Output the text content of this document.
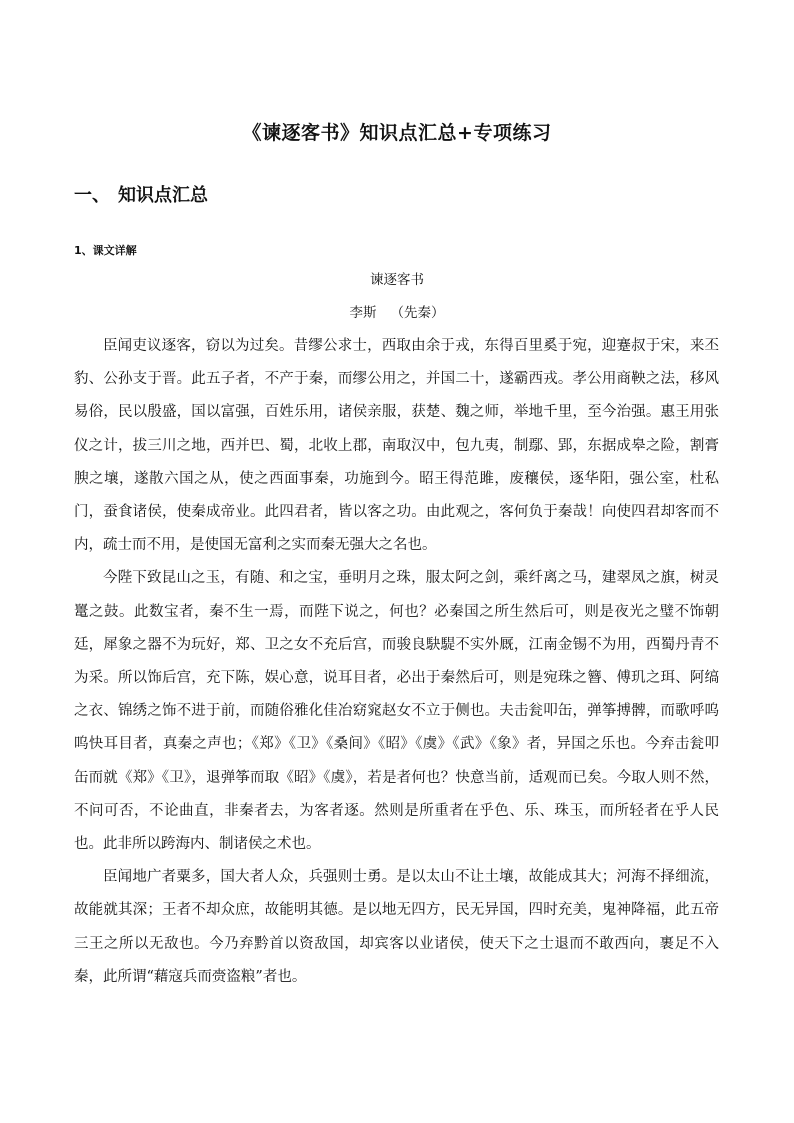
《谏逐客书》知识点汇总+专项练习
一、 知识点汇总
1、课文详解
谏逐客书
李斯 （先秦）

臣闻吏议逐客，窃以为过矣。昔缪公求士，西取由余于戎，东得百里奚于宛，迎蹇叔于宋，来丕豹、公孙支于晋。此五子者，不产于秦，而缪公用之，并国二十，遂霸西戎。孝公用商鞅之法，移风易俗，民以殷盛，国以富强，百姓乐用，诸侯亲服，获楚、魏之师，举地千里，至今治强。惠王用张仪之计，拔三川之地，西并巴、蜀，北收上郡，南取汉中，包九夷，制鄢、郢，东据成皋之险，割膏腴之壤，遂散六国之从，使之西面事秦，功施到今。昭王得范雎，废穰侯，逐华阳，强公室，杜私门，蚕食诸侯，使秦成帝业。此四君者，皆以客之功。由此观之，客何负于秦哉！向使四君却客而不内，疏士而不用，是使国无富利之实而秦无强大之名也。

今陛下致昆山之玉，有随、和之宝，垂明月之珠，服太阿之剑，乘纤离之马，建翠凤之旗，树灵鼍之鼓。此数宝者，秦不生一焉，而陛下说之，何也？必秦国之所生然后可，则是夜光之璧不饰朝廷，犀象之器不为玩好，郑、卫之女不充后宫，而骏良駃騠不实外厩，江南金锡不为用，西蜀丹青不为采。所以饰后宫，充下陈，娱心意，说耳目者，必出于秦然后可，则是宛珠之簪、傅玑之珥、阿缟之衣、锦绣之饰不进于前，而随俗雅化佳冶窈窕赵女不立于侧也。夫击瓮叩缶，弹筝搏髀，而歌呼呜呜快耳目者，真秦之声也；《郑》《卫》《桑间》《昭》《虞》《武》《象》者，异国之乐也。今弃击瓮叩缶而就《郑》《卫》，退弹筝而取《昭》《虞》，若是者何也？快意当前，适观而已矣。今取人则不然，不问可否，不论曲直，非秦者去，为客者逐。然则是所重者在乎色、乐、珠玉，而所轻者在乎人民也。此非所以跨海内、制诸侯之术也。

臣闻地广者粟多，国大者人众，兵强则士勇。是以太山不让土壤，故能成其大；河海不择细流，故能就其深；王者不却众庶，故能明其德。是以地无四方，民无异国，四时充美，鬼神降福，此五帝三王之所以无敌也。今乃弃黔首以资敌国，却宾客以业诸侯，使天下之士退而不敢西向，裹足不入秦，此所谓“藉寇兵而赍盗粮”者也。
